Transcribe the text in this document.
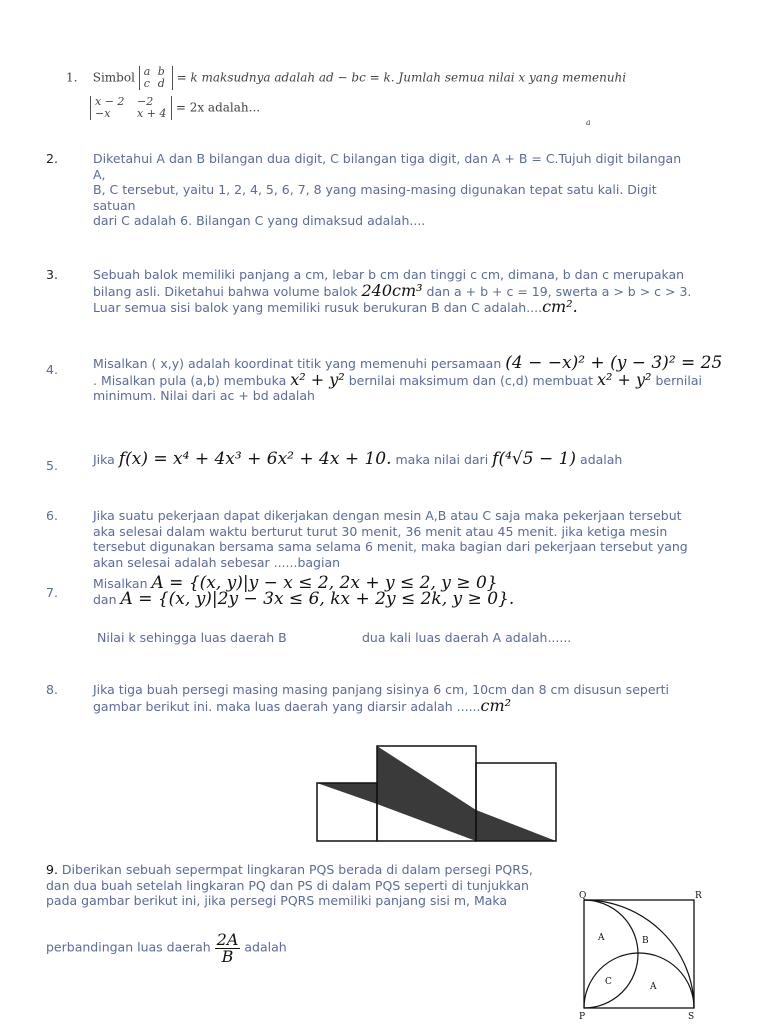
1. Simbol a b
c d = k maksudnya adalah ad − bc = k. Jumlah semua nilai x yang memenuhi
x − 2 −2
−x x + 4 = 2x adalah...
a
2.	Diketahui A dan B bilangan dua digit, C bilangan tiga digit, dan A + B = C.Tujuh digit bilangan

A,

B, C tersebut, yaitu 1, 2, 4, 5, 6, 7, 8 yang masing-masing digunakan tepat satu kali. Digit

satuan

dari C adalah 6. Bilangan C yang dimaksud adalah....

3.	Sebuah balok memiliki panjang a cm, lebar b cm dan tinggi c cm, dimana, b dan c merupakan

bilang asli. Diketahui bahwa volume balok 240cm³ dan a + b + c = 19, swerta a > b > c > 3.

Luar semua sisi balok yang memiliki rusuk berukuran B dan C adalah....cm².

4.	Misalkan ( x,y) adalah koordinat titik yang memenuhi persamaan (4 − −x)² + (y − 3)² = 25

. Misalkan pula (a,b) membuka x² + y² bernilai maksimum dan (c,d) membuat x² + y² bernilai

minimum. Nilai dari ac + bd adalah

5.	Jika f(x) = x⁴ + 4x³ + 6x² + 4x + 10. maka nilai dari f(⁴√5 − 1) adalah
6.	Jika suatu pekerjaan dapat dikerjakan dengan mesin A,B atau C saja maka pekerjaan tersebut

aka selesai dalam waktu berturut turut 30 menit, 36 menit atau 45 menit. jika ketiga mesin

tersebut digunakan bersama sama selama 6 menit, maka bagian dari pekerjaan tersebut yang

akan selesai adalah sebesar ......bagian

7.

Misalkan A = {(x, y)|y − x ≤ 2, 2x + y ≤ 2, y ≥ 0}

dan A = {(x, y)|2y − 3x ≤ 6, kx + 2y ≤ 2k, y ≥ 0}.

Nilai k sehingga luas daerah B	dua kali luas daerah A adalah......
8.	Jika tiga buah persegi masing masing panjang sisinya 6 cm, 10cm dan 8 cm disusun seperti

gambar berikut ini. maka luas daerah yang diarsir adalah ......cm²

9. Diberikan sebuah sepermpat lingkaran PQS berada di dalam persegi PQRS,

dan dua buah setelah lingkaran PQ dan PS di dalam PQS seperti di tunjukkan

pada gambar berikut ini, jika persegi PQRS memiliki panjang sisi m, Maka

perbandingan luas daerah $\frac{2A}{B}$ adalah
Q	R
P	S
A	B
C	A
